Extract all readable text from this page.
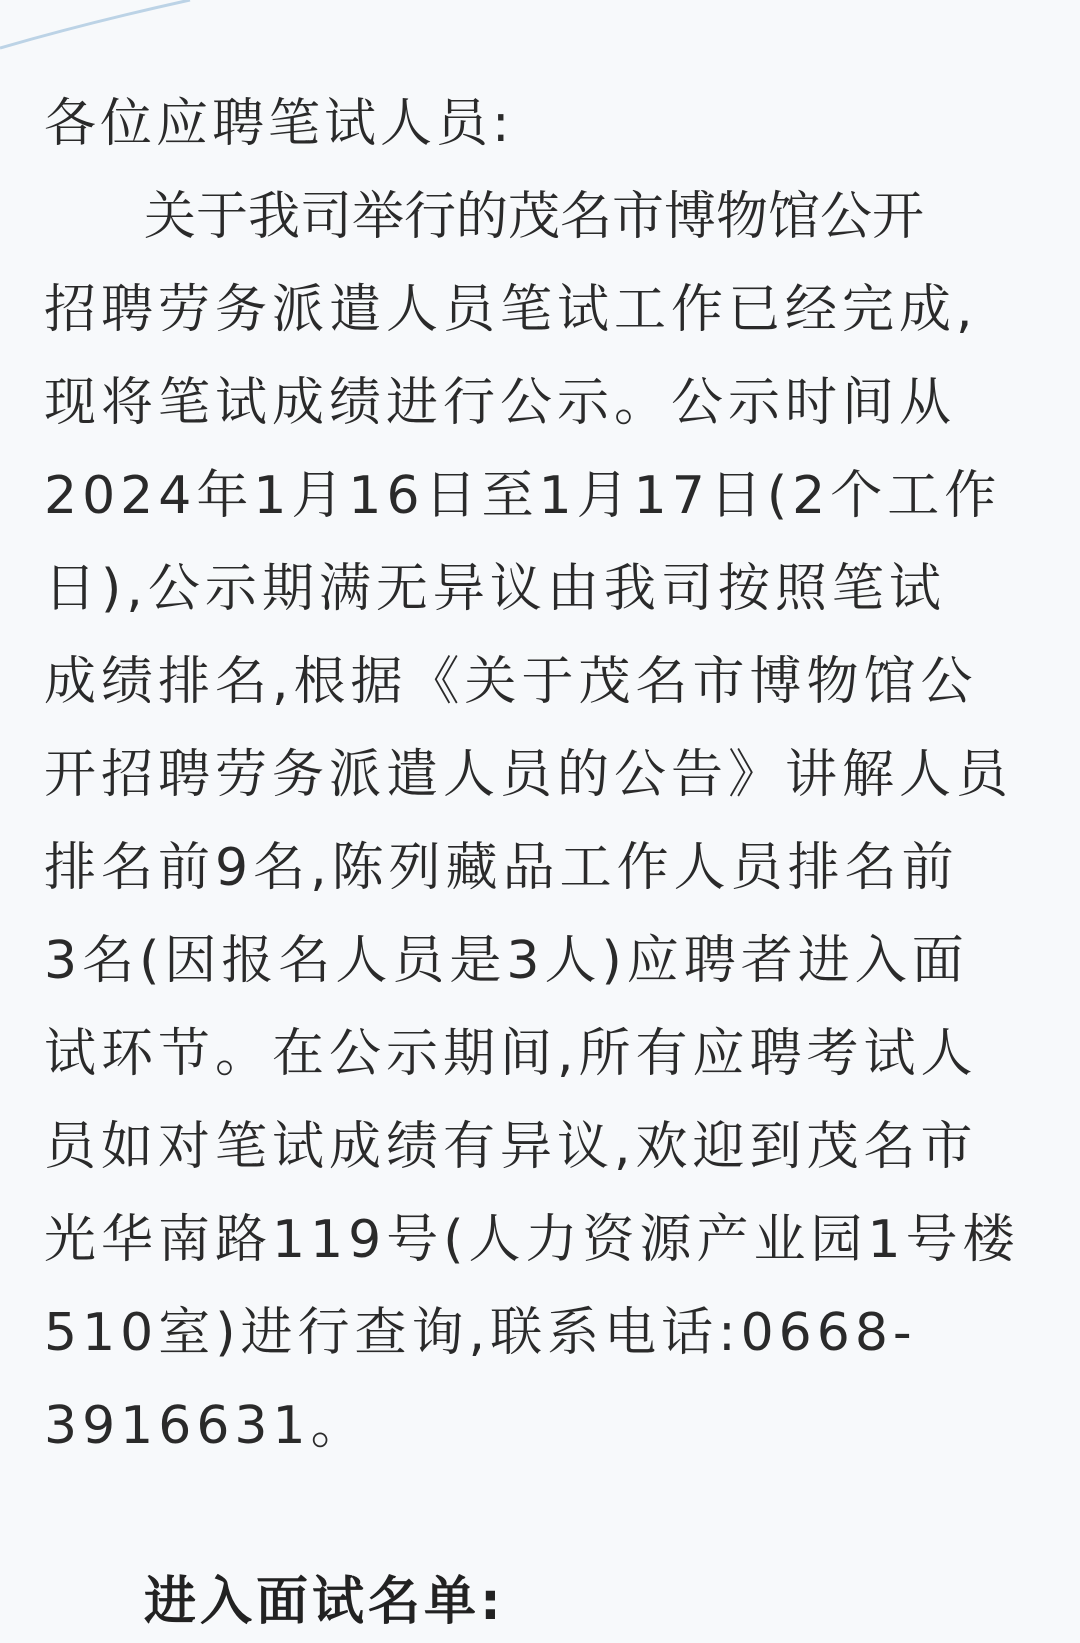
各位应聘笔试人员:
关于我司举行的茂名市博物馆公开
招聘劳务派遣人员笔试工作已经完成,
现将笔试成绩进行公示。公示时间从
2024年1月16日至1月17日(2个工作
日),公示期满无异议由我司按照笔试
成绩排名,根据《关于茂名市博物馆公
开招聘劳务派遣人员的公告》讲解人员
排名前9名,陈列藏品工作人员排名前
3名(因报名人员是3人)应聘者进入面
试环节。在公示期间,所有应聘考试人
员如对笔试成绩有异议,欢迎到茂名市
光华南路119号(人力资源产业园1号楼
510室)进行查询,联系电话:0668-
3916631。
进入面试名单:
